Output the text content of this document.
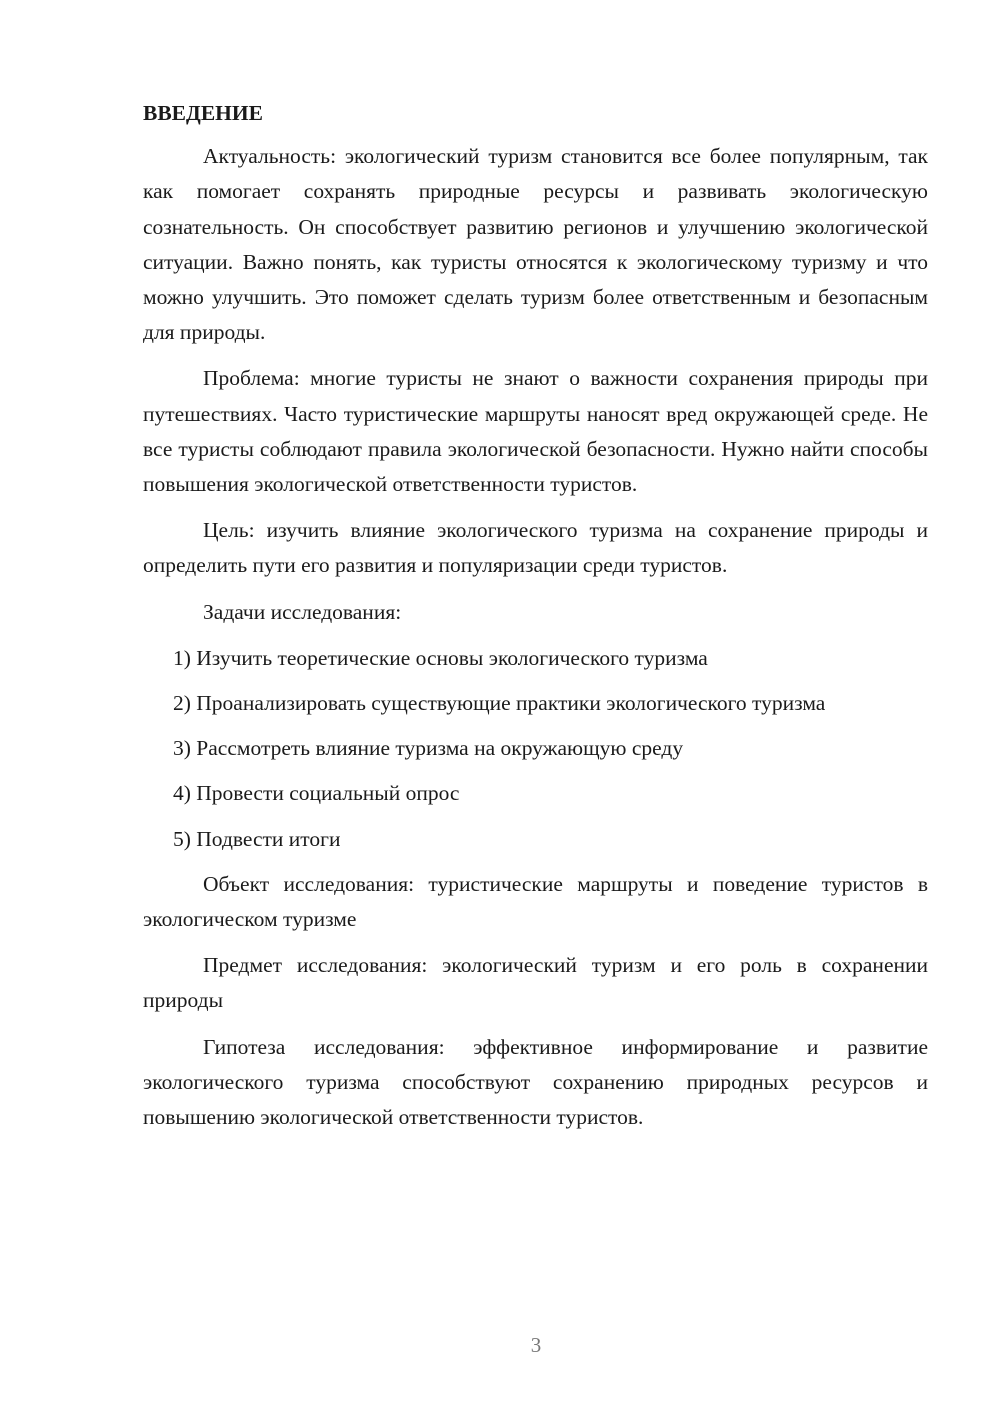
ВВЕДЕНИЕ

Актуальность: экологический туризм становится все более популярным, так как помогает сохранять природные ресурсы и развивать экологическую сознательность. Он способствует развитию регионов и улучшению экологической ситуации. Важно понять, как туристы относятся к экологическому туризму и что можно улучшить. Это поможет сделать туризм более ответственным и безопасным для природы.

Проблема: многие туристы не знают о важности сохранения природы при путешествиях. Часто туристические маршруты наносят вред окружающей среде. Не все туристы соблюдают правила экологической безопасности. Нужно найти способы повышения экологической ответственности туристов.

Цель: изучить влияние экологического туризма на сохранение природы и определить пути его развития и популяризации среди туристов.

Задачи исследования:

1) Изучить теоретические основы экологического туризма

2) Проанализировать существующие практики экологического туризма

3) Рассмотреть влияние туризма на окружающую среду

4) Провести социальный опрос

5) Подвести итоги

Объект исследования: туристические маршруты и поведение туристов в экологическом туризме

Предмет исследования: экологический туризм и его роль в сохранении природы

Гипотеза исследования: эффективное информирование и развитие экологического туризма способствуют сохранению природных ресурсов и повышению экологической ответственности туристов.

3
